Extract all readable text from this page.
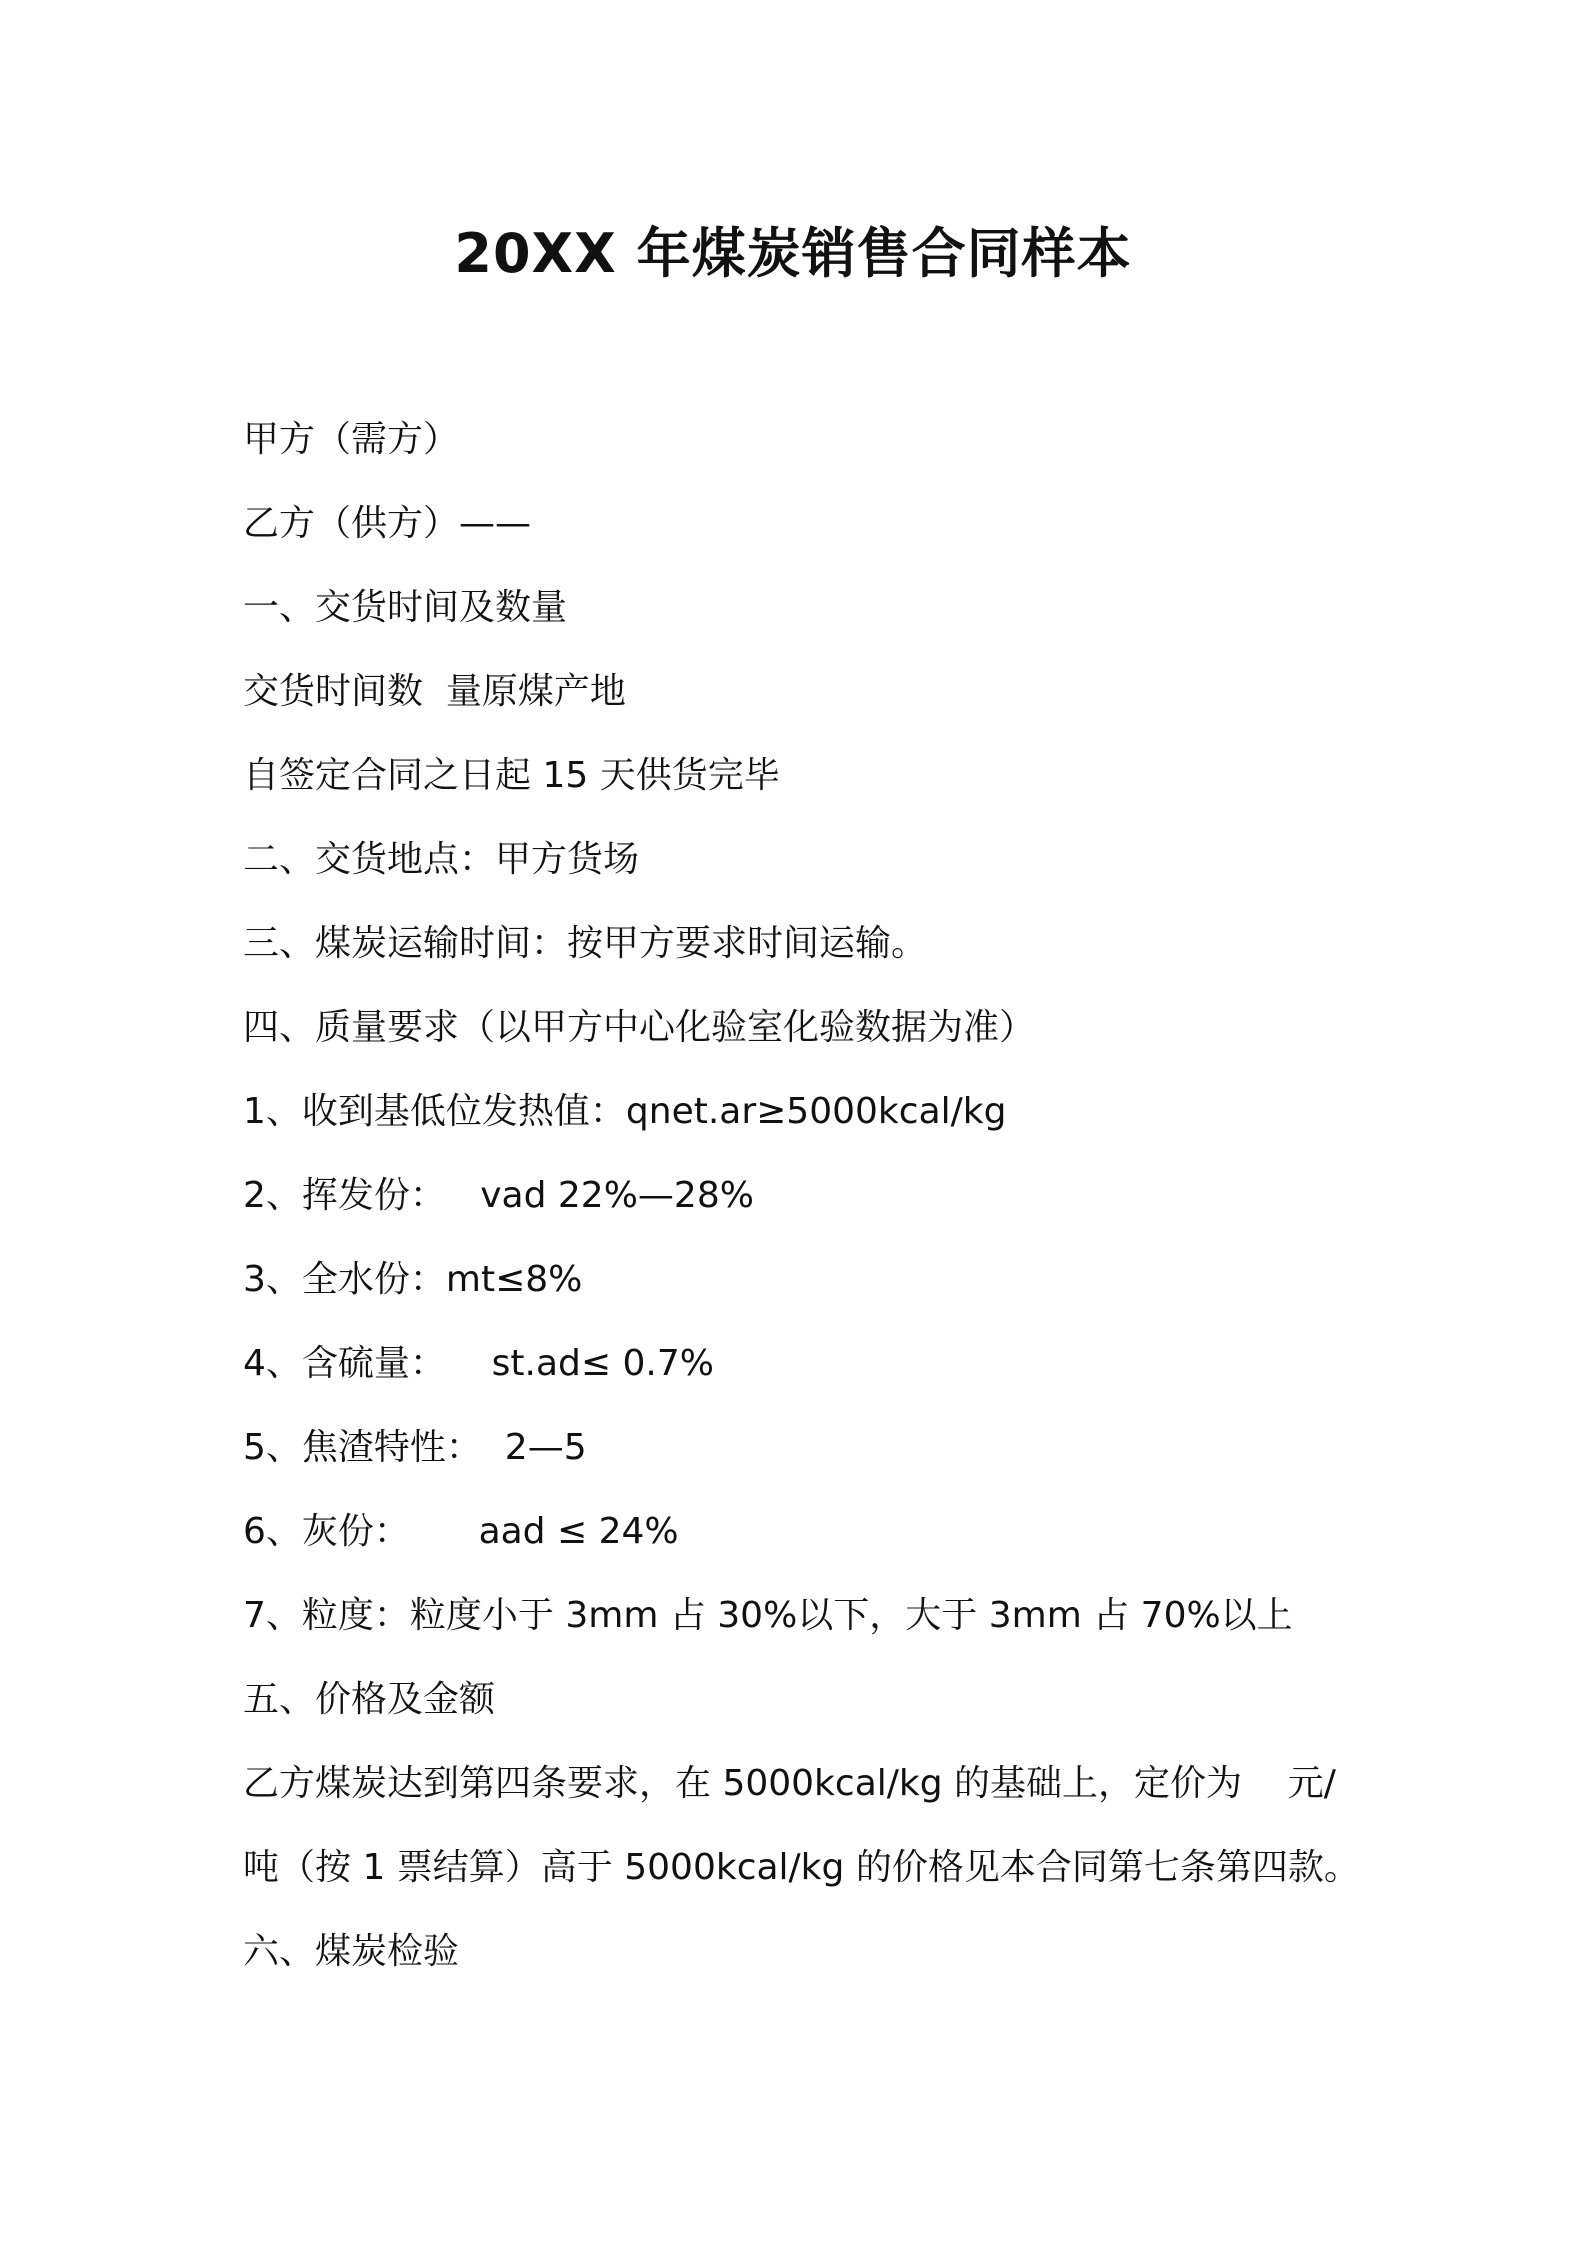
20XX 年煤炭销售合同样本

甲方（需方）

乙方（供方）——

一、交货时间及数量

交货时间数  量原煤产地

自签定合同之日起 15 天供货完毕

二、交货地点：甲方货场

三、煤炭运输时间：按甲方要求时间运输。

四、质量要求（以甲方中心化验室化验数据为准）

1、收到基低位发热值：qnet.ar≥5000kcal/kg

2、挥发份：   vad 22%—28%

3、全水份：mt≤8%

4、含硫量：    st.ad≤ 0.7%

5、焦渣特性：  2—5

6、灰份：      aad ≤ 24%

7、粒度：粒度小于 3mm 占 30%以下，大于 3mm 占 70%以上

五、价格及金额

乙方煤炭达到第四条要求，在 5000kcal/kg 的基础上，定价为    元/

吨（按 1 票结算）高于 5000kcal/kg 的价格见本合同第七条第四款。

六、煤炭检验
